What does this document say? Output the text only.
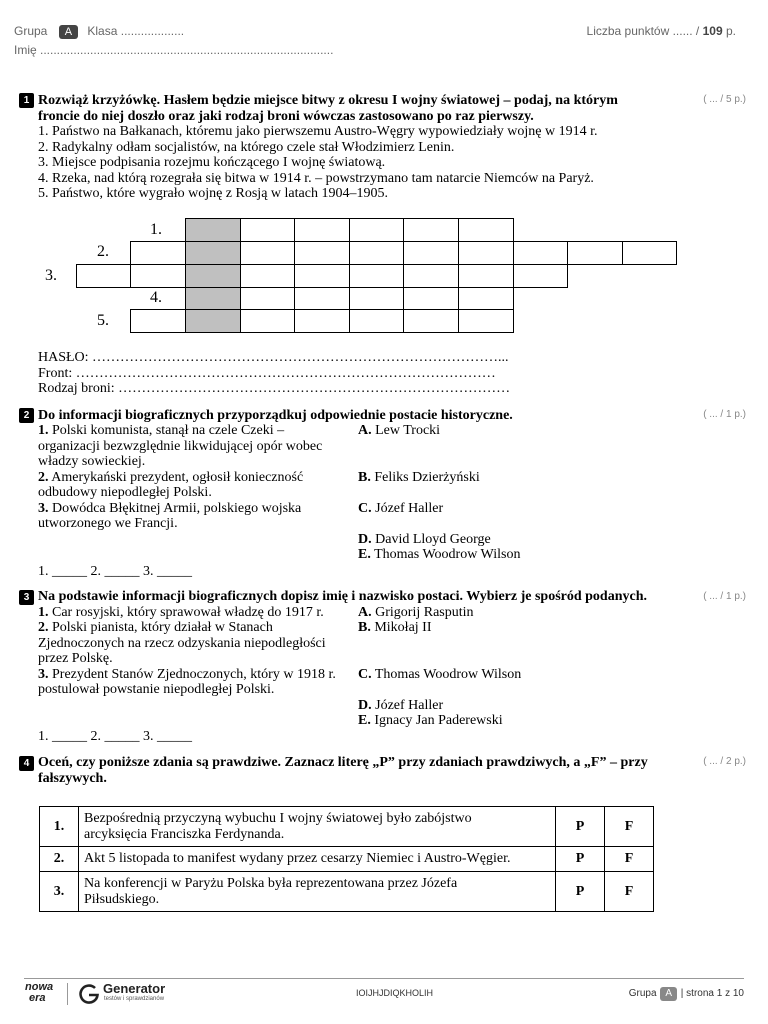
Grupa A Klasa ...................
Imię ........................................................................................
Liczba punktów ...... / 109 p.
1	( ... / 5 p.)
Rozwiąż krzyżówkę. Hasłem będzie miejsce bitwy z okresu I wojny światowej – podaj, na którym
froncie do niej doszło oraz jaki rodzaj broni wówczas zastosowano po raz pierwszy.
1. Państwo na Bałkanach, któremu jako pierwszemu Austro-Węgry wypowiedziały wojnę w 1914 r.
2. Radykalny odłam socjalistów, na którego czele stał Włodzimierz Lenin.
3. Miejsce podpisania rozejmu kończącego I wojnę światową.
4. Rzeka, nad którą rozegrała się bitwa w 1914 r. – powstrzymano tam natarcie Niemców na Paryż.
5. Państwo, które wygrało wojnę z Rosją w latach 1904–1905.
1.
2.
3.
4.
5.
HASŁO: ……………………………………………………………………………...
Front: ………………………………………………………………………………
Rodzaj broni: …………………………………………………………………………
2	( ... / 1 p.)
Do informacji biograficznych przyporządkuj odpowiednie postacie historyczne.
1. Polski komunista, stanął na czele Czeki –
organizacji bezwzględnie likwidującej opór wobec
władzy sowieckiej.
2. Amerykański prezydent, ogłosił konieczność
odbudowy niepodległej Polski.
3. Dowódca Błękitnej Armii, polskiego wojska
utworzonego we Francji.
A. Lew Trocki
B. Feliks Dzierżyński
C. Józef Haller
D. David Lloyd George
E. Thomas Woodrow Wilson
1. _____ 2. _____ 3. _____
3	( ... / 1 p.)
Na podstawie informacji biograficznych dopisz imię i nazwisko postaci. Wybierz je spośród podanych.
1. Car rosyjski, który sprawował władzę do 1917 r.
2. Polski pianista, który działał w Stanach
Zjednoczonych na rzecz odzyskania niepodległości
przez Polskę.
3. Prezydent Stanów Zjednoczonych, który w 1918 r.
postulował powstanie niepodległej Polski.
A. Grigorij Rasputin
B. Mikołaj II
C. Thomas Woodrow Wilson
D. Józef Haller
E. Ignacy Jan Paderewski
1. _____ 2. _____ 3. _____
4	( ... / 2 p.)
Oceń, czy poniższe zdania są prawdziwe. Zaznacz literę „P” przy zdaniach prawdziwych, a „F” – przy
fałszywych.
1.	Bezpośrednią przyczyną wybuchu I wojny światowej było zabójstwo
arcyksięcia Franciszka Ferdynanda.	P	F
2.	Akt 5 listopada to manifest wydany przez cesarzy Niemiec i Austro-Węgier.	P	F
3.	Na konferencji w Paryżu Polska była reprezentowana przez Józefa
Piłsudskiego.	P	F
nowa
era
Generator
testów i sprawdzianów
IOIJHJDIQKHOLIH	Grupa A | strona 1 z 10
